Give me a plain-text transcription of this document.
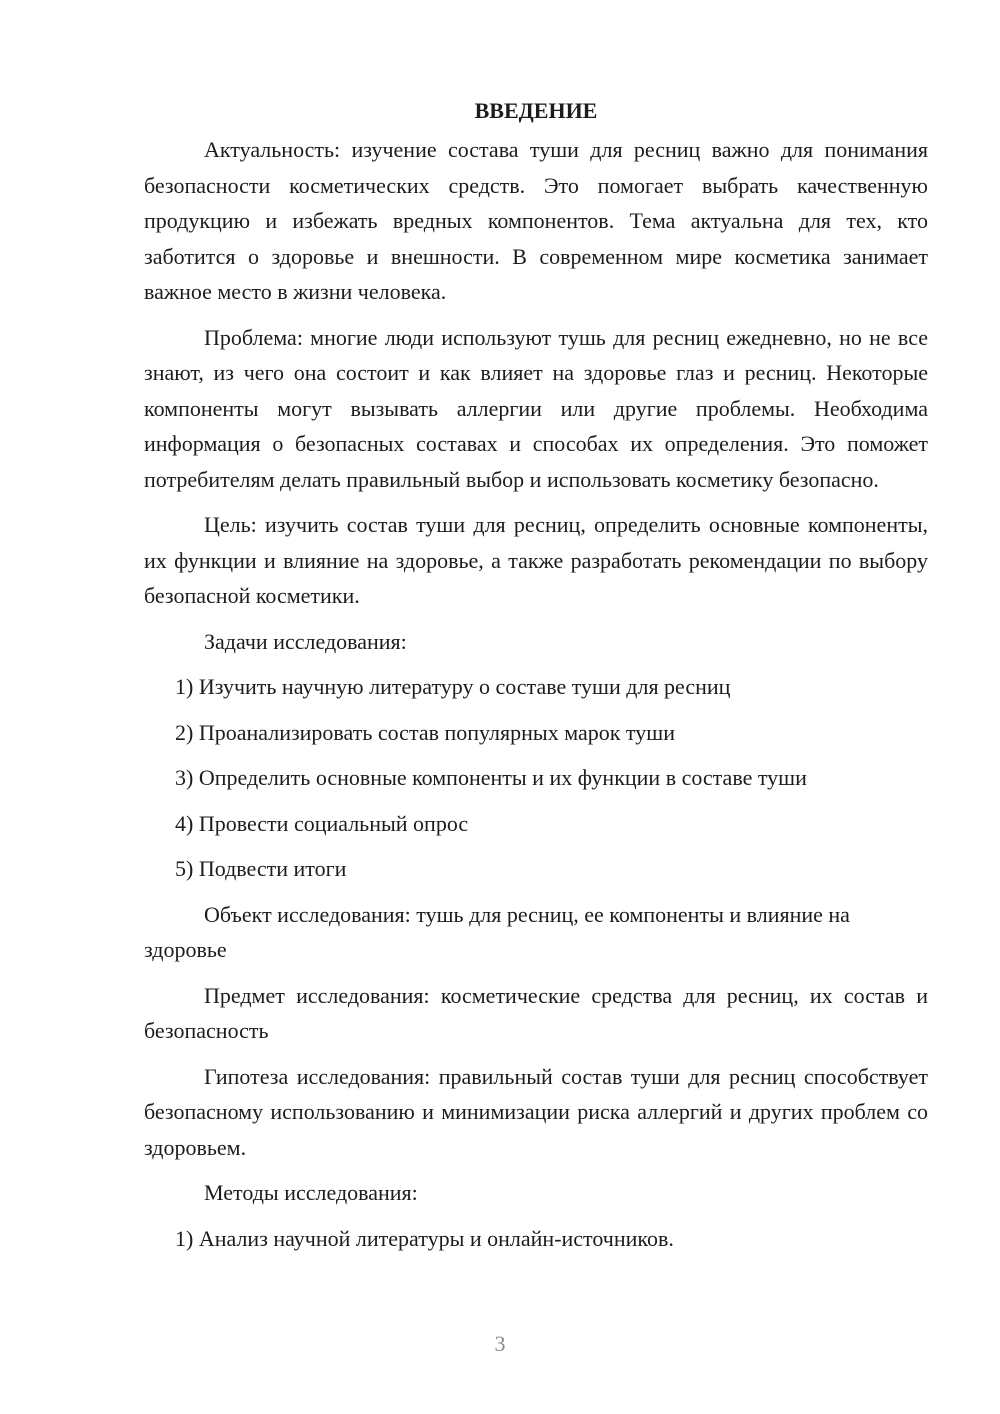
ВВЕДЕНИЕ

Актуальность: изучение состава туши для ресниц важно для понимания безопасности косметических средств. Это помогает выбрать качественную продукцию и избежать вредных компонентов. Тема актуальна для тех, кто заботится о здоровье и внешности. В современном мире косметика занимает важное место в жизни человека.

Проблема: многие люди используют тушь для ресниц ежедневно, но не все знают, из чего она состоит и как влияет на здоровье глаз и ресниц. Некоторые компоненты могут вызывать аллергии или другие проблемы. Необходима информация о безопасных составах и способах их определения. Это поможет потребителям делать правильный выбор и использовать косметику безопасно.

Цель: изучить состав туши для ресниц, определить основные компоненты, их функции и влияние на здоровье, а также разработать рекомендации по выбору безопасной косметики.

Задачи исследования:

1) Изучить научную литературу о составе туши для ресниц

2) Проанализировать состав популярных марок туши

3) Определить основные компоненты и их функции в составе туши

4) Провести социальный опрос

5) Подвести итоги

Объект исследования: тушь для ресниц, ее компоненты и влияние на здоровье

Предмет исследования: косметические средства для ресниц, их состав и безопасность

Гипотеза исследования: правильный состав туши для ресниц способствует безопасному использованию и минимизации риска аллергий и других проблем со здоровьем.

Методы исследования:

1) Анализ научной литературы и онлайн-источников.

3
